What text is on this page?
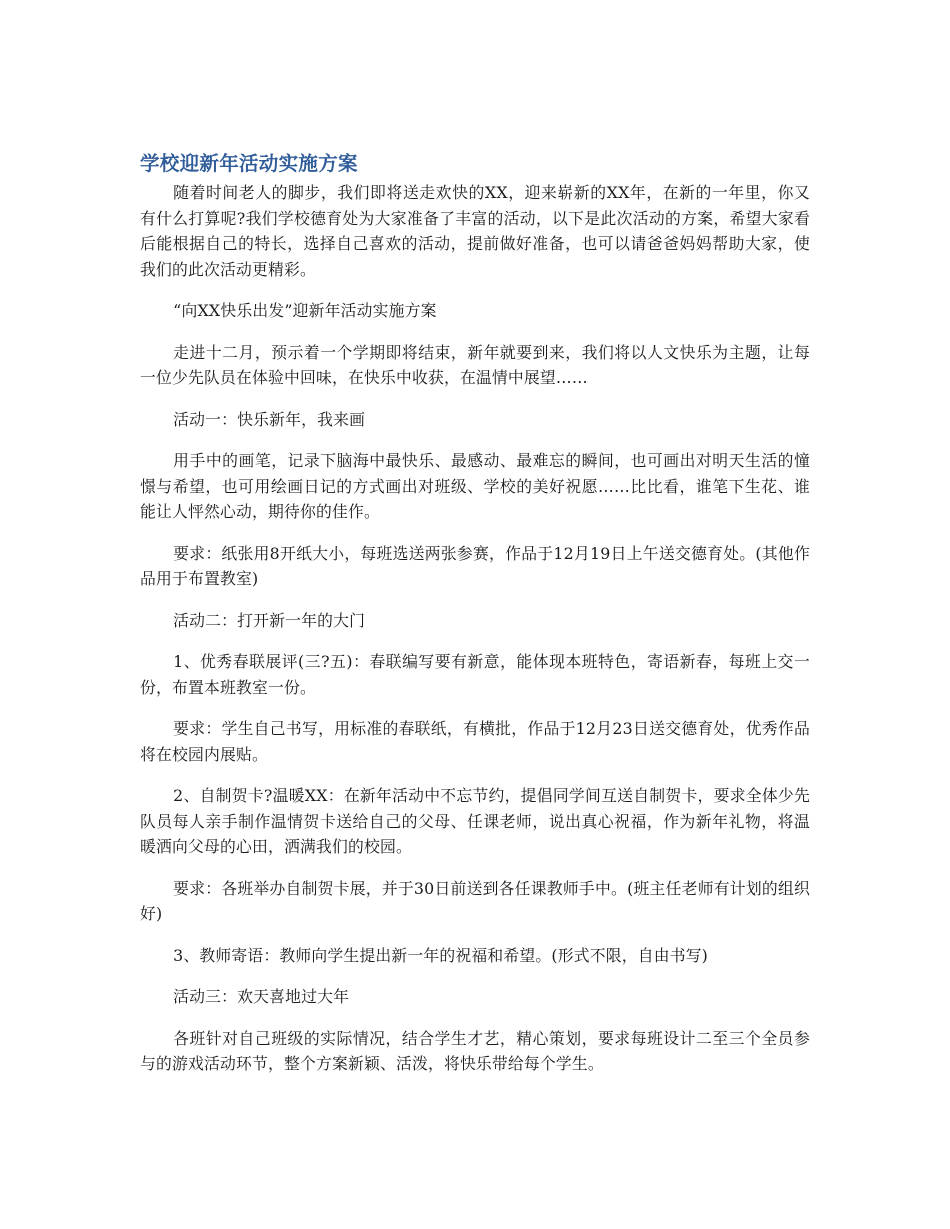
学校迎新年活动实施方案

随着时间老人的脚步，我们即将送走欢快的XX，迎来崭新的XX年，在新的一年里，你又有什么打算呢?我们学校德育处为大家准备了丰富的活动，以下是此次活动的方案，希望大家看后能根据自己的特长，选择自己喜欢的活动，提前做好准备，也可以请爸爸妈妈帮助大家，使我们的此次活动更精彩。

“向XX快乐出发”迎新年活动实施方案

走进十二月，预示着一个学期即将结束，新年就要到来，我们将以人文快乐为主题，让每一位少先队员在体验中回味，在快乐中收获，在温情中展望……

活动一：快乐新年，我来画

用手中的画笔，记录下脑海中最快乐、最感动、最难忘的瞬间，也可画出对明天生活的憧憬与希望，也可用绘画日记的方式画出对班级、学校的美好祝愿……比比看，谁笔下生花、谁能让人怦然心动，期待你的佳作。

要求：纸张用8开纸大小，每班选送两张参赛，作品于12月19日上午送交德育处。(其他作品用于布置教室)

活动二：打开新一年的大门

1、优秀春联展评(三?五)：春联编写要有新意，能体现本班特色，寄语新春，每班上交一份，布置本班教室一份。

要求：学生自己书写，用标准的春联纸，有横批，作品于12月23日送交德育处，优秀作品将在校园内展贴。

2、自制贺卡?温暖XX：在新年活动中不忘节约，提倡同学间互送自制贺卡，要求全体少先队员每人亲手制作温情贺卡送给自己的父母、任课老师，说出真心祝福，作为新年礼物，将温暖洒向父母的心田，洒满我们的校园。

要求：各班举办自制贺卡展，并于30日前送到各任课教师手中。(班主任老师有计划的组织好)

3、教师寄语：教师向学生提出新一年的祝福和希望。(形式不限，自由书写)

活动三：欢天喜地过大年

各班针对自己班级的实际情况，结合学生才艺，精心策划，要求每班设计二至三个全员参与的游戏活动环节，整个方案新颖、活泼，将快乐带给每个学生。
